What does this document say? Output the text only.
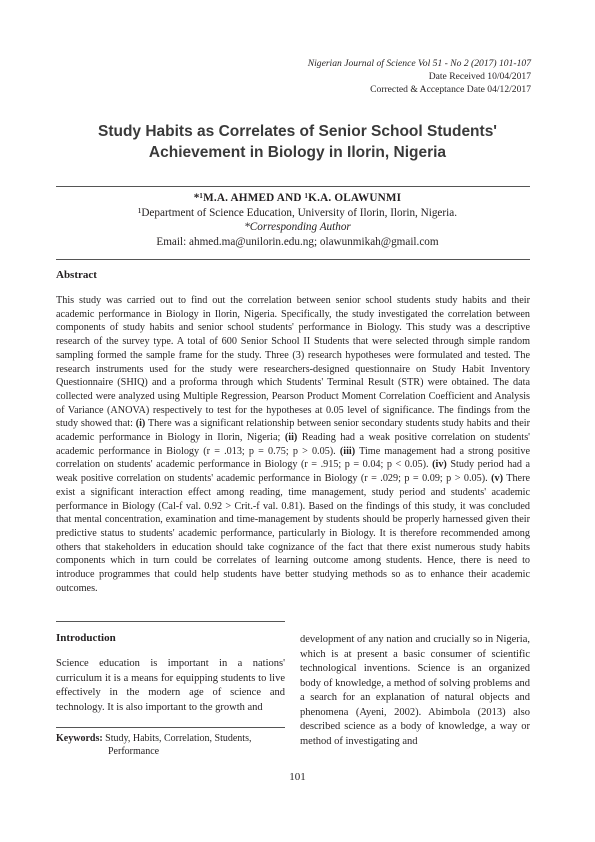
Nigerian Journal of Science Vol 51 - No 2 (2017) 101-107
Date Received 10/04/2017
Corrected & Acceptance Date 04/12/2017
Study Habits as Correlates of Senior School Students'
Achievement in Biology in Ilorin, Nigeria
*¹M.A. AHMED AND ¹K.A. OLAWUNMI
¹Department of Science Education, University of Ilorin, Ilorin, Nigeria.
*Corresponding Author
Email: ahmed.ma@unilorin.edu.ng; olawunmikah@gmail.com
Abstract
This study was carried out to find out the correlation between senior school students study habits and their academic performance in Biology in Ilorin, Nigeria. Specifically, the study investigated the correlation between components of study habits and senior school students' performance in Biology. This study was a descriptive research of the survey type. A total of 600 Senior School II Students that were selected through simple random sampling formed the sample frame for the study. Three (3) research hypotheses were formulated and tested. The research instruments used for the study were researchers-designed questionnaire on Study Habit Inventory Questionnaire (SHIQ) and a proforma through which Students' Terminal Result (STR) were obtained. The data collected were analyzed using Multiple Regression, Pearson Product Moment Correlation Coefficient and Analysis of Variance (ANOVA) respectively to test for the hypotheses at 0.05 level of significance. The findings from the study showed that: (i) There was a significant relationship between senior secondary students study habits and their academic performance in Biology in Ilorin, Nigeria; (ii) Reading had a weak positive correlation on students' academic performance in Biology (r = .013; p = 0.75; p > 0.05). (iii) Time management had a strong positive correlation on students' academic performance in Biology (r = .915; p = 0.04; p < 0.05). (iv) Study period had a weak positive correlation on students' academic performance in Biology (r = .029; p = 0.09; p > 0.05). (v) There exist a significant interaction effect among reading, time management, study period and students' academic performance in Biology (Cal-f val. 0.92 > Crit.-f val. 0.81). Based on the findings of this study, it was concluded that mental concentration, examination and time-management by students should be properly harnessed given their predictive status to students' academic performance, particularly in Biology. It is therefore recommended among others that stakeholders in education should take cognizance of the fact that there exist numerous study habits components which in turn could be correlates of learning outcome among students. Hence, there is need to introduce programmes that could help students have better studying methods so as to enhance their academic outcomes.
Introduction
Science education is important in a nations' curriculum it is a means for equipping students to live effectively in the modern age of science and technology. It is also important to the growth and
development of any nation and crucially so in Nigeria, which is at present a basic consumer of scientific technological inventions. Science is an organized body of knowledge, a method of solving problems and a search for an explanation of natural objects and phenomena (Ayeni, 2002). Abimbola (2013) also described science as a body of knowledge, a way or method of investigating and
Keywords: Study, Habits, Correlation, Students,
Performance
101
